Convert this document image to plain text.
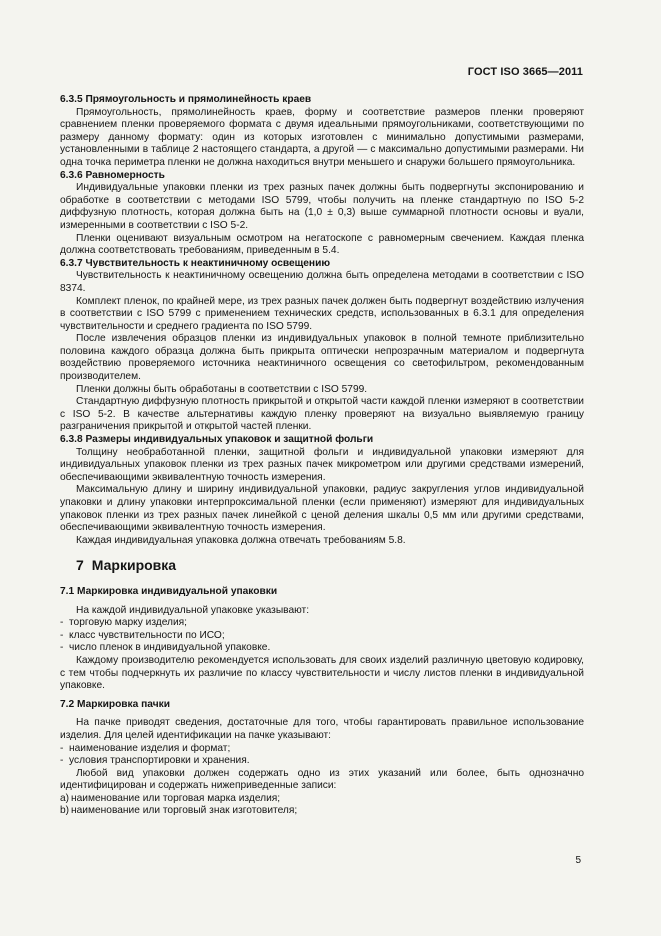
ГОСТ ISO 3665—2011

6.3.5 Прямоугольность и прямолинейность краев

Прямоугольность, прямолинейность краев, форму и соответствие размеров пленки проверяют сравнением пленки проверяемого формата с двумя идеальными прямоугольниками, соответствующими по размеру данному формату: один из которых изготовлен с минимально допустимыми размерами, установленными в таблице 2 настоящего стандарта, а другой — с максимально допустимыми размерами. Ни одна точка периметра пленки не должна находиться внутри меньшего и снаружи большего прямоугольника.

6.3.6 Равномерность

Индивидуальные упаковки пленки из трех разных пачек должны быть подвергнуты экспонированию и обработке в соответствии с методами ISO 5799, чтобы получить на пленке стандартную по ISO 5-2 диффузную плотность, которая должна быть на (1,0 ± 0,3) выше суммарной плотности основы и вуали, измеренными в соответствии с ISO 5-2.

Пленки оценивают визуальным осмотром на негатоскопе с равномерным свечением. Каждая пленка должна соответствовать требованиям, приведенным в 5.4.

6.3.7 Чувствительность к неактиничному освещению

Чувствительность к неактиничному освещению должна быть определена методами в соответствии с ISO 8374.

Комплект пленок, по крайней мере, из трех разных пачек должен быть подвергнут воздействию излучения в соответствии с ISO 5799 с применением технических средств, использованных в 6.3.1 для определения чувствительности и среднего градиента по ISO 5799.

После извлечения образцов пленки из индивидуальных упаковок в полной темноте приблизительно половина каждого образца должна быть прикрыта оптически непрозрачным материалом и подвергнута воздействию проверяемого источника неактиничного освещения со светофильтром, рекомендованным производителем.

Пленки должны быть обработаны в соответствии с ISO 5799.

Стандартную диффузную плотность прикрытой и открытой части каждой пленки измеряют в соответствии с ISO 5-2. В качестве альтернативы каждую пленку проверяют на визуально выявляемую границу разграничения прикрытой и открытой частей пленки.

6.3.8 Размеры индивидуальных упаковок и защитной фольги

Толщину необработанной пленки, защитной фольги и индивидуальной упаковки измеряют для индивидуальных упаковок пленки из трех разных пачек микрометром или другими средствами измерений, обеспечивающими эквивалентную точность измерения.

Максимальную длину и ширину индивидуальной упаковки, радиус закругления углов индивидуальной упаковки и длину упаковки интерпроксимальной пленки (если применяют) измеряют для индивидуальных упаковок пленки из трех разных пачек линейкой с ценой деления шкалы 0,5 мм или другими средствами, обеспечивающими эквивалентную точность измерения.

Каждая индивидуальная упаковка должна отвечать требованиям 5.8.

7 Маркировка

7.1 Маркировка индивидуальной упаковки

На каждой индивидуальной упаковке указывают:

- торговую марку изделия;

- класс чувствительности по ИСО;

- число пленок в индивидуальной упаковке.

Каждому производителю рекомендуется использовать для своих изделий различную цветовую кодировку, с тем чтобы подчеркнуть их различие по классу чувствительности и числу листов пленки в индивидуальной упаковке.

7.2 Маркировка пачки

На пачке приводят сведения, достаточные для того, чтобы гарантировать правильное использование изделия. Для целей идентификации на пачке указывают:

- наименование изделия и формат;

- условия транспортировки и хранения.

Любой вид упаковки должен содержать одно из этих указаний или более, быть однозначно идентифицирован и содержать нижеприведенные записи:

a) наименование или торговая марка изделия;

b) наименование или торговый знак изготовителя;

5
